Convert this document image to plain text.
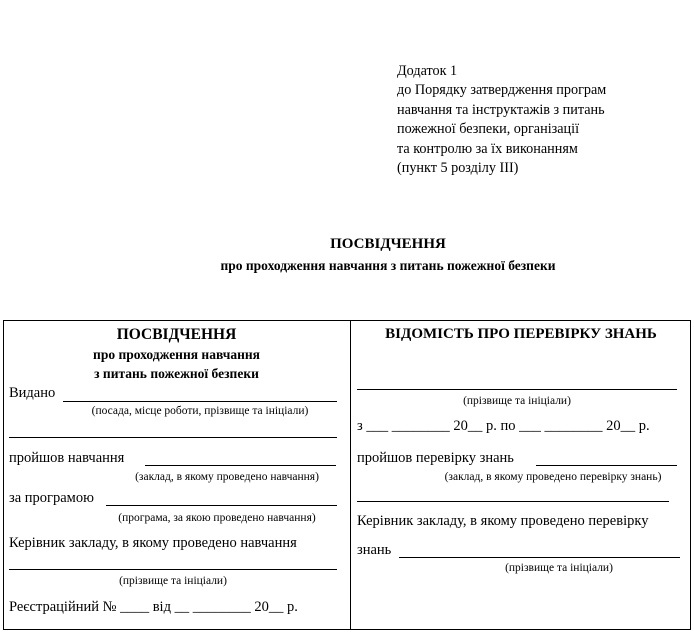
Додаток 1
до Порядку затвердження програм
навчання та інструктажів з питань
пожежної безпеки, організації
та контролю за їх виконанням
(пункт 5 розділу ІІІ)
ПОСВІДЧЕННЯ
про проходження навчання з питань пожежної безпеки
ПОСВІДЧЕННЯ
про проходження навчання
з питань пожежної безпеки
Видано
(посада, місце роботи, прізвище та ініціали)
пройшов навчання
(заклад, в якому проведено навчання)
за програмою
(програма, за якою проведено навчання)
Керівник закладу, в якому проведено навчання
(прізвище та ініціали)
Реєстраційний № ____ від __ ________ 20__ р.
ВІДОМІСТЬ ПРО ПЕРЕВІРКУ ЗНАНЬ
(прізвище та ініціали)
з ___ ________ 20__ р. по ___ ________ 20__ р.
пройшов перевірку знань
(заклад, в якому проведено перевірку знань)
Керівник закладу, в якому проведено перевірку
знань
(прізвище та ініціали)
